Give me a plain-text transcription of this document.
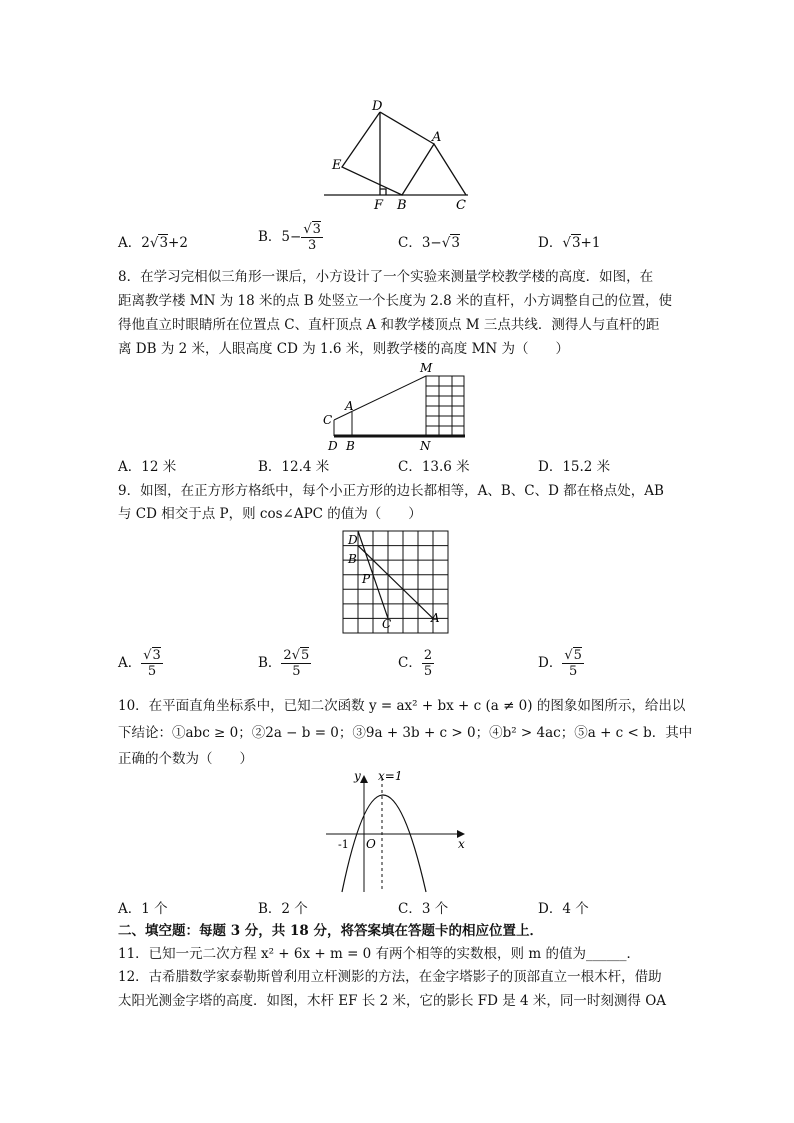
D
E
A
F B	C
A．2√3+2	B．$5- \frac{√3}{3}$	C．3−√3	D．√3+1
8．在学习完相似三角形一课后，小方设计了一个实验来测量学校教学楼的高度．如图，在
距离教学楼 MN 为 18 米的点 B 处竖立一个长度为 2.8 米的直杆，小方调整自己的位置，使
得他直立时眼睛所在位置点 C、直杆顶点 A 和教学楼顶点 M 三点共线．测得人与直杆的距
离 DB 为 2 米，人眼高度 CD 为 1.6 米，则教学楼的高度 MN 为（　　）
M
C
A
D B	N
A．12 米	B．12.4 米	C．13.6 米	D．15.2 米
9．如图，在正方形方格纸中，每个小正方形的边长都相等，A、B、C、D 都在格点处，AB
与 CD 相交于点 P，则 cos∠APC 的值为（　　）
D
B
P
C	A
A． $\frac{√3}{5}$	B． $\frac{2√5}{5}$	C． $\frac{2}{5}$	D． $\frac{√5}{5}$
10．在平面直角坐标系中，已知二次函数 y = ax² + bx + c (a ≠ 0) 的图象如图所示，给出以
下结论：①abc ≥ 0；②2a − b = 0；③9a + 3b + c > 0；④b² > 4ac；⑤a + c < b．其中
正确的个数为（　　）
y x=1
x
-1 O
A．1 个	B．2 个	C．3 个	D．4 个
二、填空题：每题 3 分，共 18 分，将答案填在答题卡的相应位置上．
11．已知一元二次方程 x² + 6x + m = 0 有两个相等的实数根，则 m 的值为______．
12．古希腊数学家泰勒斯曾利用立杆测影的方法，在金字塔影子的顶部直立一根木杆，借助
太阳光测金字塔的高度．如图，木杆 EF 长 2 米，它的影长 FD 是 4 米，同一时刻测得 OA
